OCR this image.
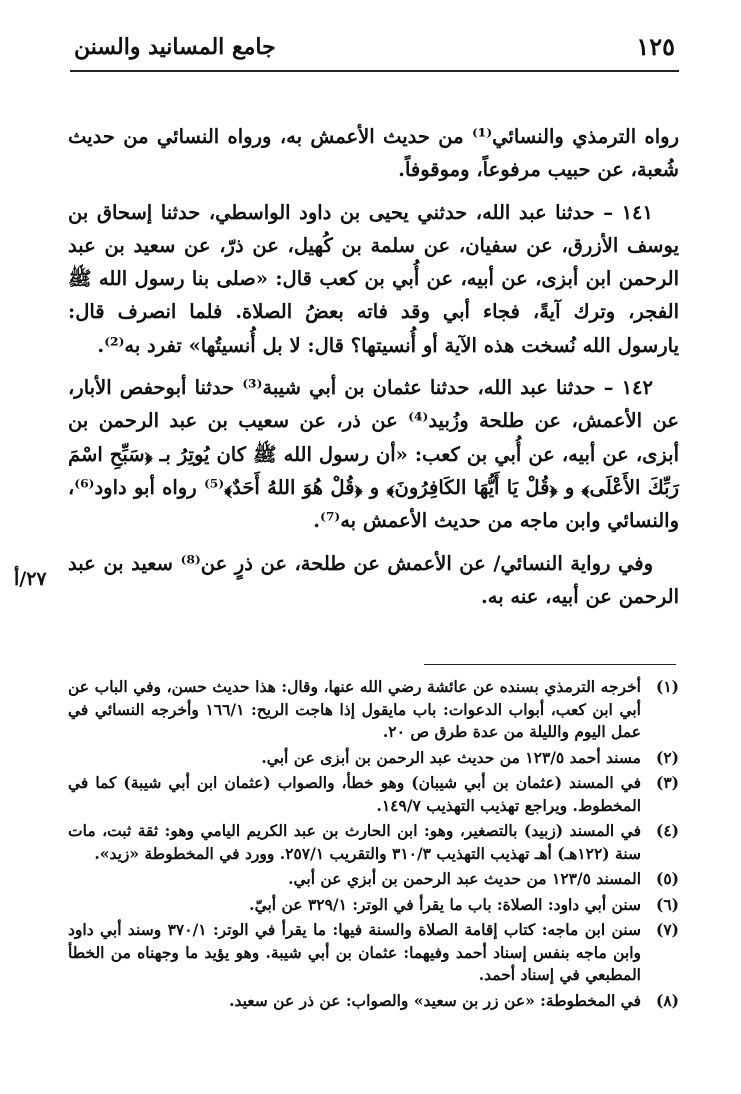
١٢٥
جامع المسانيد والسنن

رواه الترمذي والنسائي⁽¹⁾ من حديث الأعمش به، ورواه النسائي من حديث شُعبة، عن حبيب مرفوعاً، وموقوفاً.

١٤١ – حدثنا عبد الله، حدثني يحيى بن داود الواسطي، حدثنا إسحاق بن يوسف الأزرق، عن سفيان، عن سلمة بن كُهيل، عن ذرّ، عن سعيد بن عبد الرحمن ابن أبزى، عن أبيه، عن أُبي بن كعب قال: «صلى بنا رسول الله ﷺ الفجر، وترك آيةً، فجاء أبي وقد فاته بعضُ الصلاة. فلما انصرف قال: يارسول الله نُسخت هذه الآية أو أُنسيتها؟ قال: لا بل أُنسيتُها» تفرد به⁽²⁾.

١٤٢ – حدثنا عبد الله، حدثنا عثمان بن أبي شيبة⁽³⁾ حدثنا أبوحفص الأبار، عن الأعمش، عن طلحة وزُبيد⁽⁴⁾ عن ذر، عن سعيب بن عبد الرحمن بن أبزى، عن أبيه، عن أُبي بن كعب: «أن رسول الله ﷺ كان يُوتِرُ بـ ﴿سَبِّحِ اسْمَ رَبِّكَ الأَعْلَى﴾ و ﴿قُلْ يَا أَيُّهَا الكَافِرُونَ﴾ و ﴿قُلْ هُوَ اللهُ أَحَدٌ﴾⁽⁵⁾ رواه أبو داود⁽⁶⁾، والنسائي وابن ماجه من حديث الأعمش به⁽⁷⁾.

وفي رواية النسائي/ عن الأعمش عن طلحة، عن ذرٍ عن⁽⁸⁾ سعيد بن عبد الرحمن عن أبيه، عنه به.

٢٧/أ
(١)
أخرجه الترمذي بسنده عن عائشة رضي الله عنها، وقال: هذا حديث حسن، وفي الباب عن أبي ابن كعب، أبواب الدعوات: باب مايقول إذا هاجت الريح: ١٦٦/١ وأخرجه النسائي في عمل اليوم والليلة من عدة طرق ص ٢٠.
(٢)
مسند أحمد ١٢٣/٥ من حديث عبد الرحمن بن أبزى عن أبي.
(٣)
في المسند (عثمان بن أبي شيبان) وهو خطأ، والصواب (عثمان ابن أبي شيبة) كما في المخطوط. ويراجع تهذيب التهذيب ١٤٩/٧.
(٤)
في المسند (زبيد) بالتصغير، وهو: ابن الحارث بن عبد الكريم اليامي وهو: ثقة ثبت، مات سنة (١٢٢هـ) أهـ تهذيب التهذيب ٣١٠/٣ والتقريب ٢٥٧/١. وورد في المخطوطة «زيد».
(٥)
المسند ١٢٣/٥ من حديث عبد الرحمن بن أبزي عن أبي.
(٦)
سنن أبي داود: الصلاة: باب ما يقرأ في الوتر: ٣٢٩/١ عن أبيّ.
(٧)
سنن ابن ماجه: كتاب إقامة الصلاة والسنة فيها: ما يقرأ في الوتر: ٣٧٠/١ وسند أبي داود وابن ماجه بنفس إسناد أحمد وفيهما: عثمان بن أبي شيبة. وهو يؤيد ما وجهناه من الخطأ المطبعي في إسناد أحمد.
(٨)
في المخطوطة: «عن زر بن سعيد» والصواب: عن ذر عن سعيد.
